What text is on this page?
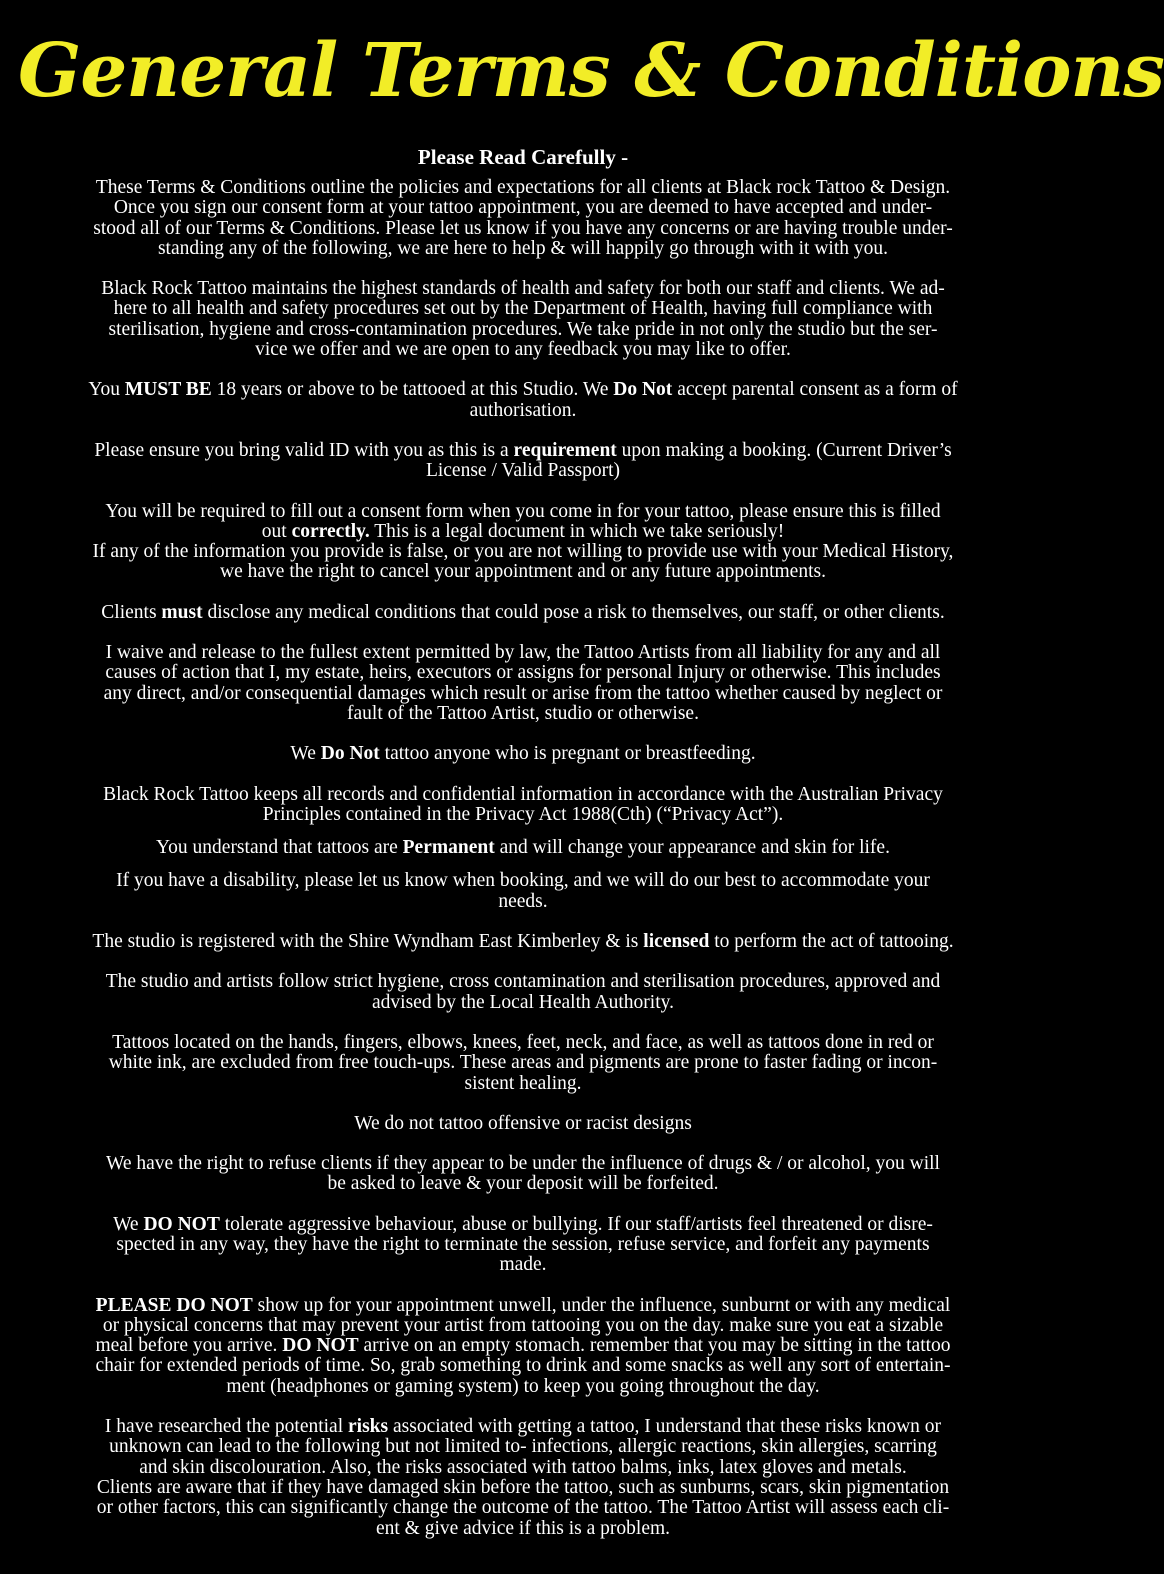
General Terms & Conditions
Please Read Carefully -
These Terms & Conditions outline the policies and expectations for all clients at Black rock Tattoo & Design.
Once you sign our consent form at your tattoo appointment, you are deemed to have accepted and under-
stood all of our Terms & Conditions. Please let us know if you have any concerns or are having trouble under-
standing any of the following, we are here to help & will happily go through with it with you.
Black Rock Tattoo maintains the highest standards of health and safety for both our staff and clients. We ad-
here to all health and safety procedures set out by the Department of Health, having full compliance with
sterilisation, hygiene and cross-contamination procedures. We take pride in not only the studio but the ser-
vice we offer and we are open to any feedback you may like to offer.
You MUST BE 18 years or above to be tattooed at this Studio. We Do Not accept parental consent as a form of
authorisation.
Please ensure you bring valid ID with you as this is a requirement upon making a booking. (Current Driver’s
License / Valid Passport)
You will be required to fill out a consent form when you come in for your tattoo, please ensure this is filled
out correctly. This is a legal document in which we take seriously!
If any of the information you provide is false, or you are not willing to provide use with your Medical History,
we have the right to cancel your appointment and or any future appointments.
Clients must disclose any medical conditions that could pose a risk to themselves, our staff, or other clients.
I waive and release to the fullest extent permitted by law, the Tattoo Artists from all liability for any and all
causes of action that I, my estate, heirs, executors or assigns for personal Injury or otherwise. This includes
any direct, and/or consequential damages which result or arise from the tattoo whether caused by neglect or
fault of the Tattoo Artist, studio or otherwise.
We Do Not tattoo anyone who is pregnant or breastfeeding.
Black Rock Tattoo keeps all records and confidential information in accordance with the Australian Privacy
Principles contained in the Privacy Act 1988(Cth) (“Privacy Act”).
You understand that tattoos are Permanent and will change your appearance and skin for life.
If you have a disability, please let us know when booking, and we will do our best to accommodate your
needs.
The studio is registered with the Shire Wyndham East Kimberley & is licensed to perform the act of tattooing.
The studio and artists follow strict hygiene, cross contamination and sterilisation procedures, approved and
advised by the Local Health Authority.
Tattoos located on the hands, fingers, elbows, knees, feet, neck, and face, as well as tattoos done in red or
white ink, are excluded from free touch-ups. These areas and pigments are prone to faster fading or incon-
sistent healing.
We do not tattoo offensive or racist designs
We have the right to refuse clients if they appear to be under the influence of drugs & / or alcohol, you will
be asked to leave & your deposit will be forfeited.
We DO NOT tolerate aggressive behaviour, abuse or bullying. If our staff/artists feel threatened or disre-
spected in any way, they have the right to terminate the session, refuse service, and forfeit any payments
made.
PLEASE DO NOT show up for your appointment unwell, under the influence, sunburnt or with any medical
or physical concerns that may prevent your artist from tattooing you on the day. make sure you eat a sizable
meal before you arrive. DO NOT arrive on an empty stomach. remember that you may be sitting in the tattoo
chair for extended periods of time. So, grab something to drink and some snacks as well any sort of entertain-
ment (headphones or gaming system) to keep you going throughout the day.
I have researched the potential risks associated with getting a tattoo, I understand that these risks known or
unknown can lead to the following but not limited to- infections, allergic reactions, skin allergies, scarring
and skin discolouration. Also, the risks associated with tattoo balms, inks, latex gloves and metals.
Clients are aware that if they have damaged skin before the tattoo, such as sunburns, scars, skin pigmentation
or other factors, this can significantly change the outcome of the tattoo. The Tattoo Artist will assess each cli-
ent & give advice if this is a problem.
